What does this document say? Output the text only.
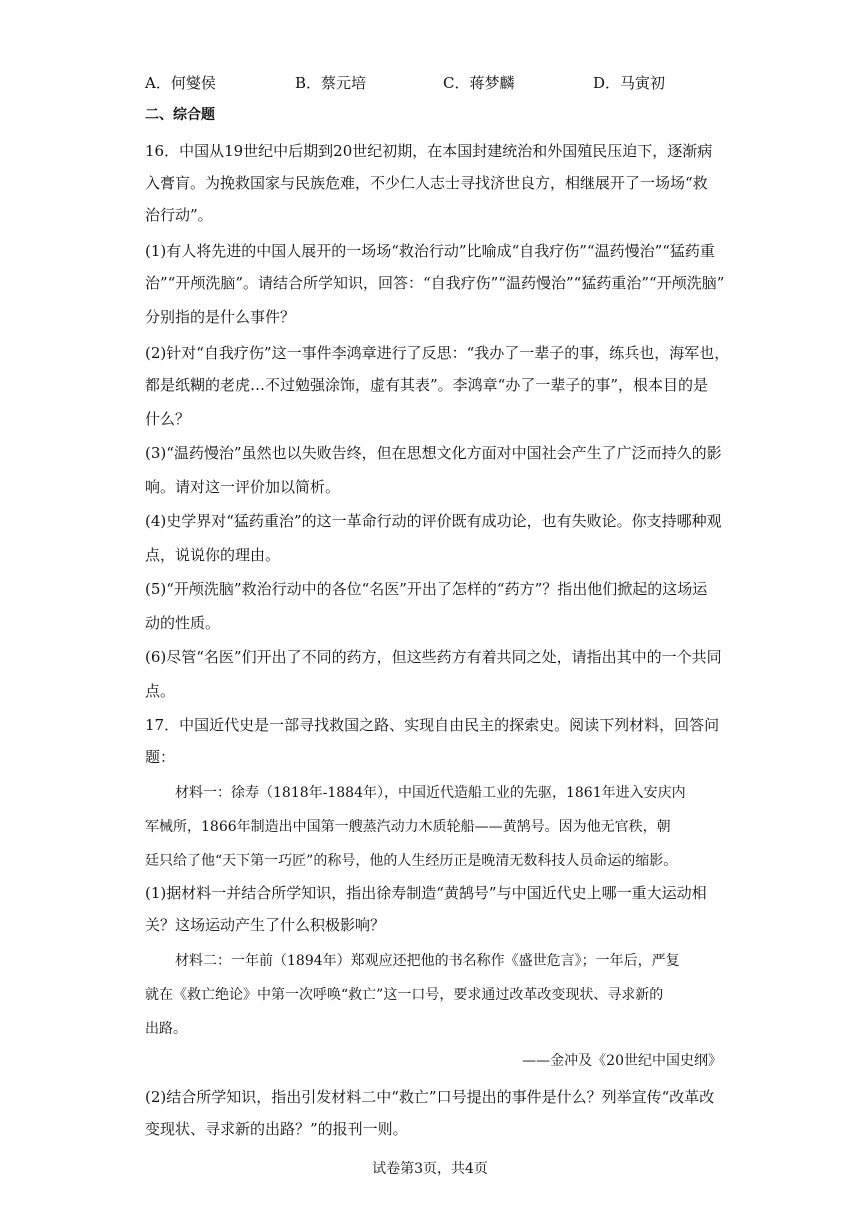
A．何燮侯	B．蔡元培	C．蒋梦麟	D．马寅初
二、综合题
16．中国从19世纪中后期到20世纪初期，在本国封建统治和外国殖民压迫下，逐渐病
入膏肓。为挽救国家与民族危难，不少仁人志士寻找济世良方，相继展开了一场场“救
治行动”。
(1)有人将先进的中国人展开的一场场“救治行动”比喻成“自我疗伤”“温药慢治”“猛药重
治”“开颅洗脑”。请结合所学知识，回答：“自我疗伤”“温药慢治”“猛药重治”“开颅洗脑”
分别指的是什么事件？
(2)针对“自我疗伤”这一事件李鸿章进行了反思：“我办了一辈子的事，练兵也，海军也，
都是纸糊的老虎…不过勉强涂饰，虚有其表”。李鸿章“办了一辈子的事”，根本目的是
什么？
(3)“温药慢治”虽然也以失败告终，但在思想文化方面对中国社会产生了广泛而持久的影
响。请对这一评价加以简析。
(4)史学界对“猛药重治”的这一革命行动的评价既有成功论，也有失败论。你支持哪种观
点，说说你的理由。
(5)“开颅洗脑”救治行动中的各位“名医”开出了怎样的“药方”？指出他们掀起的这场运
动的性质。
(6)尽管“名医”们开出了不同的药方，但这些药方有着共同之处，请指出其中的一个共同
点。
17．中国近代史是一部寻找救国之路、实现自由民主的探索史。阅读下列材料，回答问
题：
材料一：徐寿（1818年-1884年），中国近代造船工业的先驱，1861年进入安庆内
军械所，1866年制造出中国第一艘蒸汽动力木质轮船——黄鹄号。因为他无官秩，朝
廷只给了他“天下第一巧匠”的称号，他的人生经历正是晚清无数科技人员命运的缩影。
(1)据材料一并结合所学知识，指出徐寿制造“黄鹄号”与中国近代史上哪一重大运动相
关？这场运动产生了什么积极影响？
材料二：一年前（1894年）郑观应还把他的书名称作《盛世危言》；一年后，严复
就在《救亡绝论》中第一次呼唤“救亡”这一口号，要求通过改革改变现状、寻求新的
出路。
——金冲及《20世纪中国史纲》
(2)结合所学知识，指出引发材料二中“救亡”口号提出的事件是什么？列举宣传“改革改
变现状、寻求新的出路？”的报刊一则。
试卷第3页，共4页
